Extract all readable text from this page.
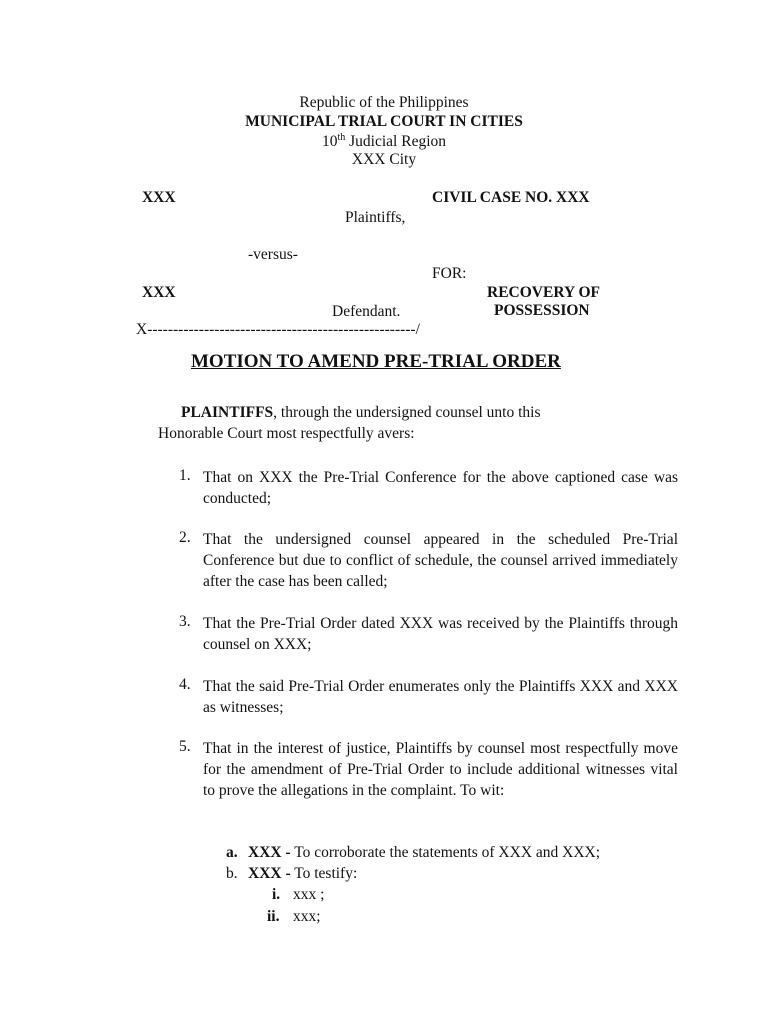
Republic of the Philippines
MUNICIPAL TRIAL COURT IN CITIES
10th Judicial Region
XXX City
XXX	CIVIL CASE NO. XXX
Plaintiffs,
-versus-
FOR:
XXX	RECOVERY OF
Defendant.	POSSESSION
X----------------------------------------------------/
MOTION TO AMEND PRE-TRIAL ORDER
PLAINTIFFS, through the undersigned counsel unto this
Honorable Court most respectfully avers:
1. That on XXX the Pre-Trial Conference for the above captioned case was conducted;
2. That the undersigned counsel appeared in the scheduled Pre-Trial Conference but due to conflict of schedule, the counsel arrived immediately after the case has been called;
3. That the Pre-Trial Order dated XXX was received by the Plaintiffs through counsel on XXX;
4. That the said Pre-Trial Order enumerates only the Plaintiffs XXX and XXX as witnesses;
5. That in the interest of justice, Plaintiffs by counsel most respectfully move for the amendment of Pre-Trial Order to include additional witnesses vital to prove the allegations in the complaint. To wit:
a. XXX - To corroborate the statements of XXX and XXX;
b. XXX - To testify:
i. xxx ;
ii. xxx;
